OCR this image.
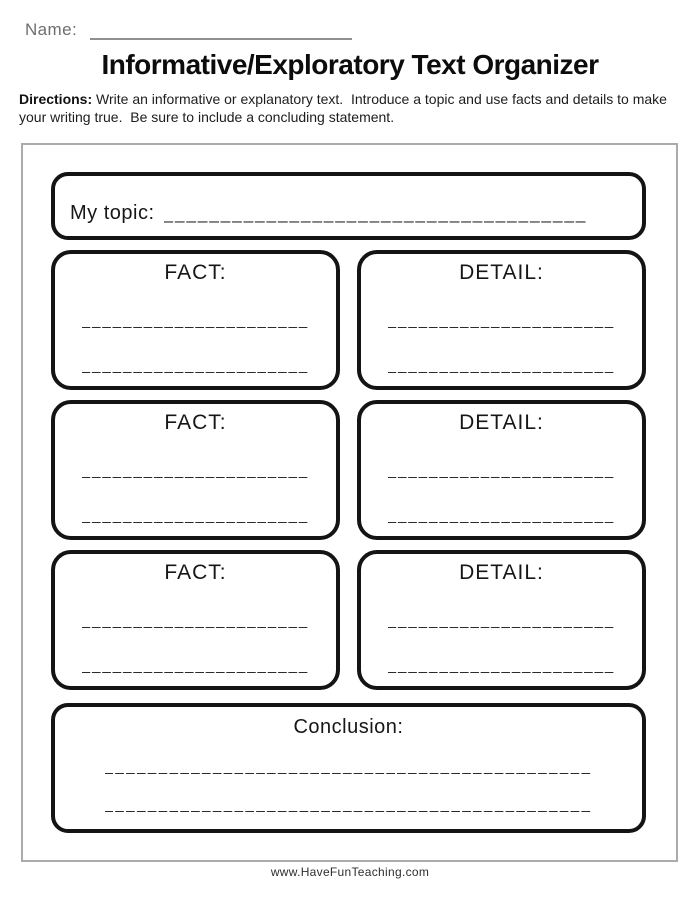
Name:
Informative/Exploratory Text Organizer

Directions: Write an informative or explanatory text.  Introduce a topic and use facts and details to make your writing true.  Be sure to include a concluding statement.

My topic: _____________________________________
FACT:
______________________
______________________
DETAIL:
______________________
______________________
FACT:
______________________
______________________
DETAIL:
______________________
______________________
FACT:
______________________
______________________
DETAIL:
______________________
______________________
Conclusion:
_____________________________________________
_____________________________________________
www.HaveFunTeaching.com
